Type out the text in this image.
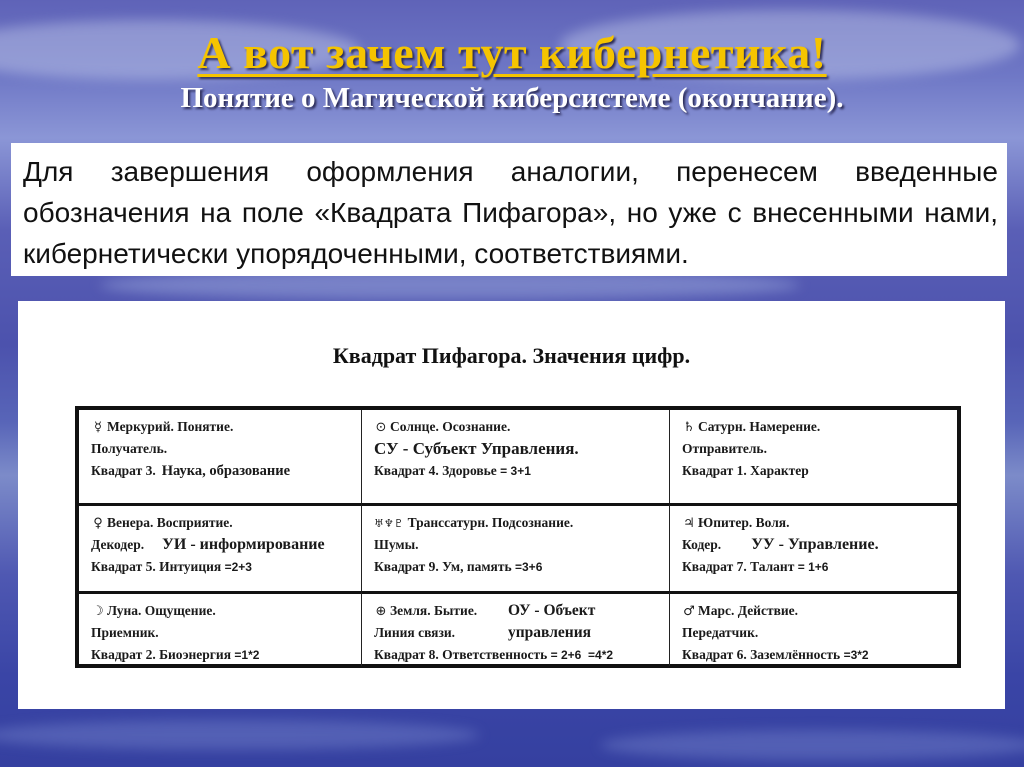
А вот зачем тут кибернетика!
Понятие о Магической киберсистеме (окончание).

Для завершения оформления аналогии, перенесем введенные обозначения на поле «Квадрата Пифагора», но уже с внесенными нами, кибернетически упорядоченными, соответствиями.

Квадрат Пифагора. Значения цифр.
☿ Меркурий. Понятие.
Получатель.
Квадрат 3. Наука, образование
⊙ Солнце. Осознание.
СУ - Субъект Управления.
Квадрат 4. Здоровье = 3+1
♄ Сатурн. Намерение.
Отправитель.
Квадрат 1. Характер
♀ Венера. Восприятие.
Декодер. УИ - информирование
Квадрат 5. Интуиция =2+3
♅♆♇ Транссатурн. Подсознание.
Шумы.
Квадрат 9. Ум, память =3+6
♃ Юпитер. Воля.
Кодер. УУ - Управление.
Квадрат 7. Талант = 1+6
☽ Луна. Ощущение.
Приемник.
Квадрат 2. Биоэнергия =1*2
⊕ Земля. Бытие.
Линия связи.
ОУ - Объект
управления
Квадрат 8. Ответственность = 2+6  =4*2
♂ Марс. Действие.
Передатчик.
Квадрат 6. Заземлённость =3*2
